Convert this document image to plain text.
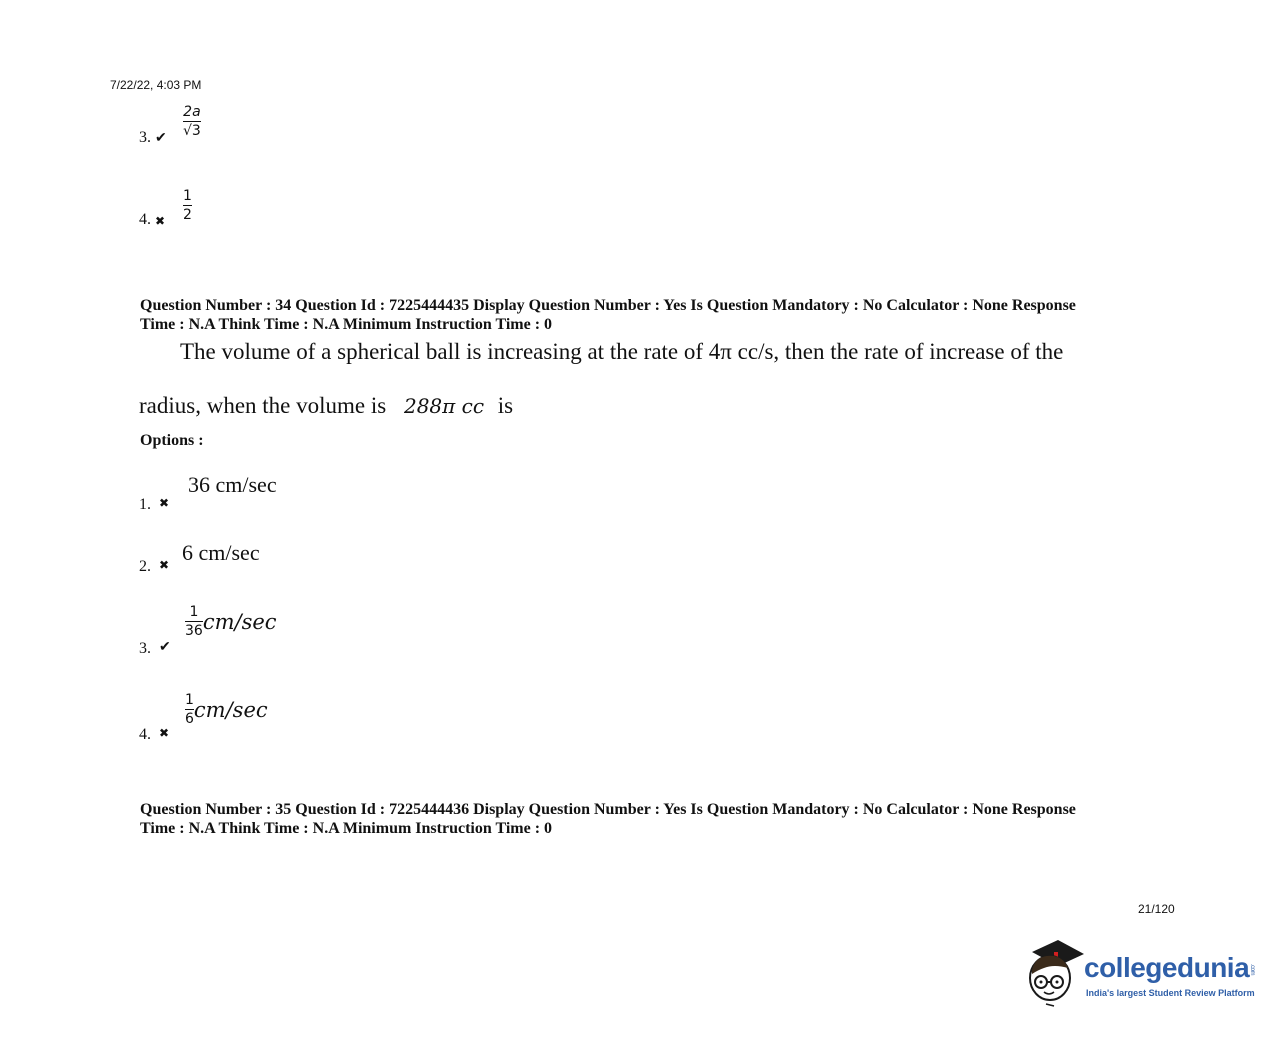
7/22/22, 4:03 PM
3. ✔ $\frac{2a}{√3}$
4. ✖ $\frac{1}{2}$
Question Number : 34 Question Id : 7225444435 Display Question Number : Yes Is Question Mandatory : No Calculator : None Response
Time : N.A Think Time : N.A Minimum Instruction Time : 0
The volume of a spherical ball is increasing at the rate of 4π cc/s, then the rate of increase of the
radius, when the volume is 288π cc is
Options :
1. ✖
36 cm/sec
2. ✖ 6 cm/sec
3. ✔
$\frac{1}{36} cm/\sec$
4. ✖
$\frac{1}{6} cm/\sec$
Question Number : 35 Question Id : 7225444436 Display Question Number : Yes Is Question Mandatory : No Calculator : None Response
Time : N.A Think Time : N.A Minimum Instruction Time : 0
21/120
collegedunia.com
India's largest Student Review Platform
